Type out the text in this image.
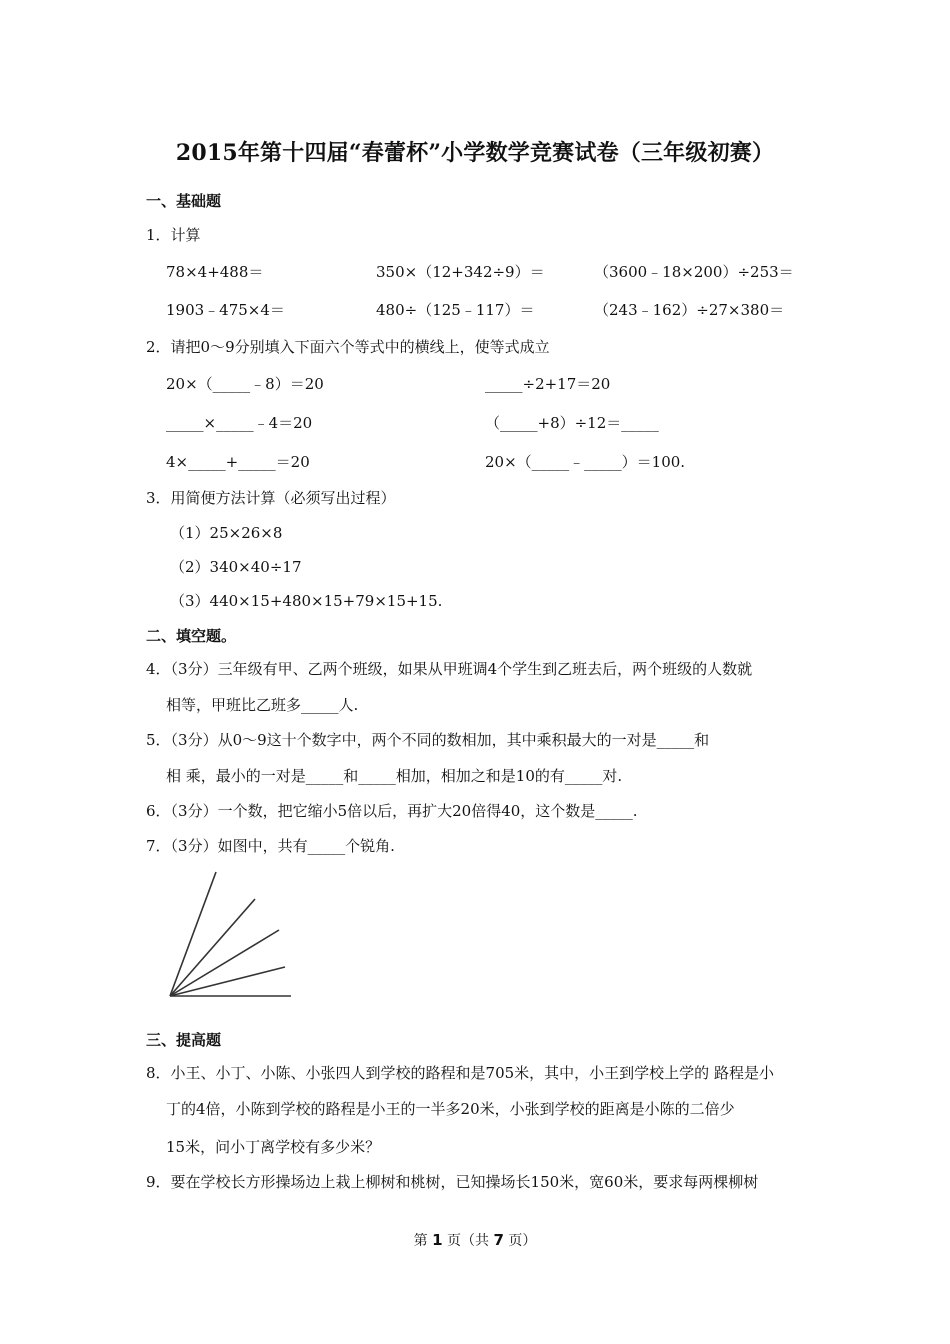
2015年第十四届“春蕾杯”小学数学竞赛试卷（三年级初赛）
一、基础题
1．计算
78×4+488＝	350×（12+342÷9）＝	（3600﹣18×200）÷253＝
1903﹣475×4＝	480÷（125﹣117）＝	（243﹣162）÷27×380＝
2．请把0～9分别填入下面六个等式中的横线上，使等式成立
20×（_____﹣8）＝20	_____÷2+17＝20
_____×_____﹣4＝20	（_____+8）÷12＝_____
4×_____+_____＝20	20×（_____﹣_____）＝100.
3．用简便方法计算（必须写出过程）
（1）25×26×8
（2）340×40÷17
（3）440×15+480×15+79×15+15.
二、填空题。
4．（3分）三年级有甲、乙两个班级，如果从甲班调4个学生到乙班去后，两个班级的人数就
相等，甲班比乙班多_____人.
5．（3分）从0～9这十个数字中，两个不同的数相加，其中乘积最大的一对是_____和
相 乘，最小的一对是_____和_____相加，相加之和是10的有_____对.
6．（3分）一个数，把它缩小5倍以后，再扩大20倍得40，这个数是_____.
7．（3分）如图中，共有_____个锐角.
三、提高题
8．小王、小丁、小陈、小张四人到学校的路程和是705米，其中，小王到学校上学的 路程是小
丁的4倍，小陈到学校的路程是小王的一半多20米，小张到学校的距离是小陈的二倍少
15米，问小丁离学校有多少米？
9．要在学校长方形操场边上栽上柳树和桃树，已知操场长150米，宽60米，要求每两棵柳树
第 1 页（共 7 页）
